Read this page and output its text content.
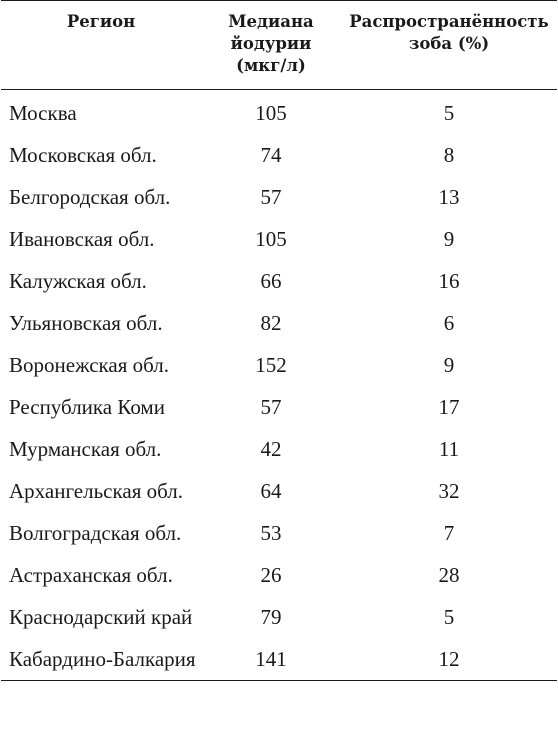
Регион	Медиана йодурии (мкг/л)	Распространённость зоба (%)
Москва	105	5
Московская обл.	74	8
Белгородская обл.	57	13
Ивановская обл.	105	9
Калужская обл.	66	16
Ульяновская обл.	82	6
Воронежская обл.	152	9
Республика Коми	57	17
Мурманская обл.	42	11
Архангельская обл.	64	32
Волгоградская обл.	53	7
Астраханская обл.	26	28
Краснодарский край	79	5
Кабардино-Балкария	141	12
